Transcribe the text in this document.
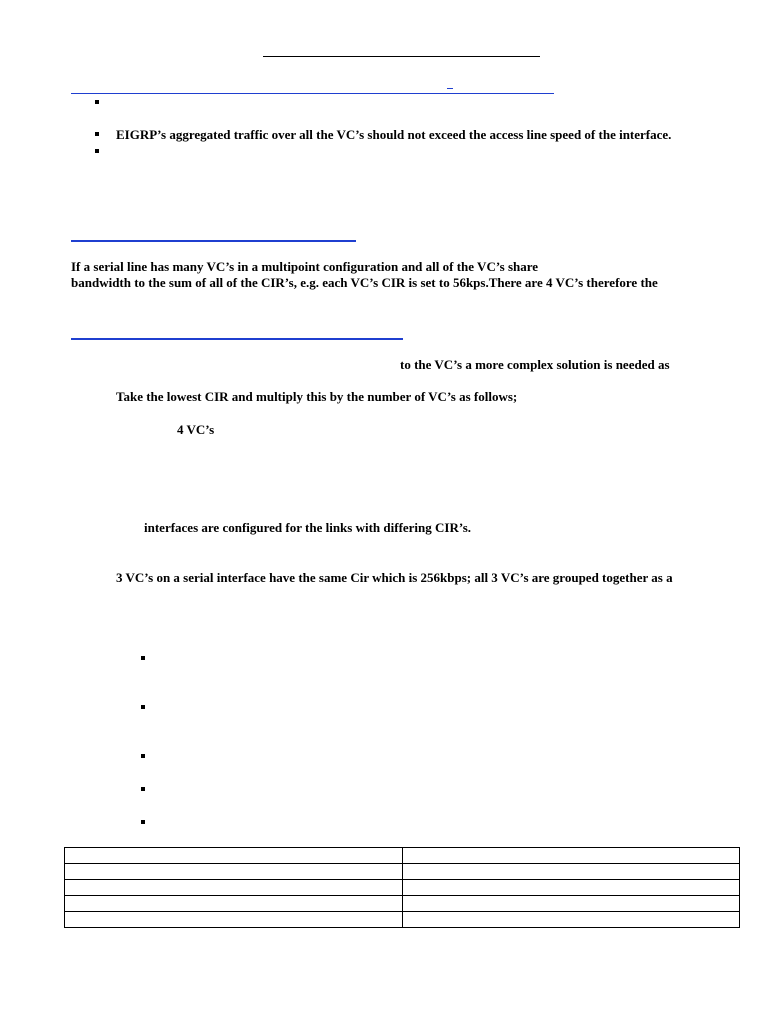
EIGRP’s aggregated traffic over all the VC’s should not exceed the access line speed of the interface.
If a serial line has many VC’s in a multipoint configuration and all of the VC’s share
bandwidth to the sum of all of the CIR’s, e.g. each VC’s CIR is set to 56kps.There are 4 VC’s therefore the
to the VC’s a more complex solution is needed as
Take the lowest CIR and multiply this by the number of VC’s as follows;
4 VC’s
interfaces are configured for the links with differing CIR’s.
3 VC’s on a serial interface have the same Cir which is 256kbps; all 3 VC’s are grouped together as a
